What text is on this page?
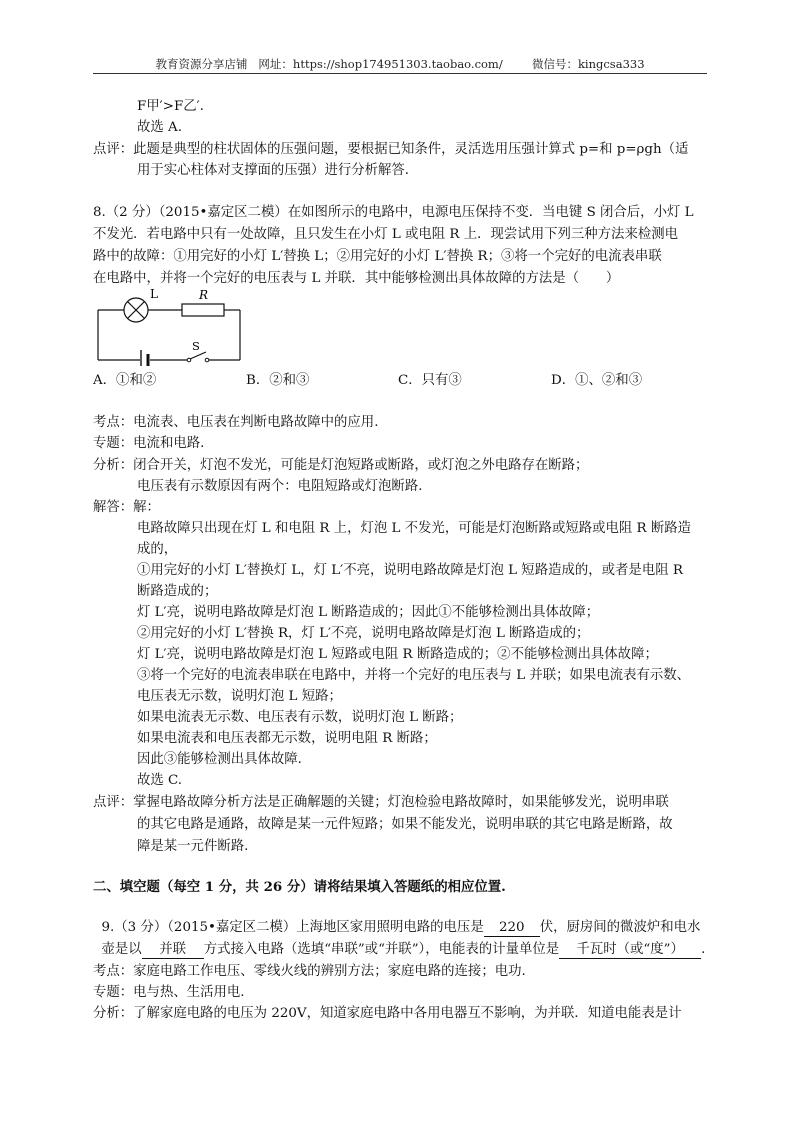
教育资源分享店铺   网址：https://shop174951303.taobao.com/        微信号：kingcsa333
F甲′>F乙′.
故选 A.
点评：此题是典型的柱状固体的压强问题，要根据已知条件，灵活选用压强计算式 p=和 p=ρgh（适
用于实心柱体对支撑面的压强）进行分析解答.
8.（2 分）（2015•嘉定区二模）在如图所示的电路中，电源电压保持不变．当电键 S 闭合后，小灯 L
不发光．若电路中只有一处故障，且只发生在小灯 L 或电阻 R 上．现尝试用下列三种方法来检测电
路中的故障：①用完好的小灯 L′替换 L；②用完好的小灯 L′替换 R；③将一个完好的电流表串联
在电路中，并将一个完好的电压表与 L 并联．其中能够检测出具体故障的方法是（　　）
L	R
S
A．①和②	B．②和③	C．只有③	D．①、②和③
考点：电流表、电压表在判断电路故障中的应用.
专题：电流和电路.
分析：闭合开关，灯泡不发光，可能是灯泡短路或断路，或灯泡之外电路存在断路；
电压表有示数原因有两个：电阻短路或灯泡断路.
解答：解：
电路故障只出现在灯 L 和电阻 R 上，灯泡 L 不发光，可能是灯泡断路或短路或电阻 R 断路造
成的，
①用完好的小灯 L′替换灯 L，灯 L′不亮，说明电路故障是灯泡 L 短路造成的，或者是电阻 R
断路造成的；
灯 L′亮，说明电路故障是灯泡 L 断路造成的；因此①不能够检测出具体故障；
②用完好的小灯 L′替换 R，灯 L′不亮，说明电路故障是灯泡 L 断路造成的；
灯 L′亮，说明电路故障是灯泡 L 短路或电阻 R 断路造成的；②不能够检测出具体故障；
③将一个完好的电流表串联在电路中，并将一个完好的电压表与 L 并联；如果电流表有示数、
电压表无示数，说明灯泡 L 短路；
如果电流表无示数、电压表有示数，说明灯泡 L 断路；
如果电流表和电压表都无示数，说明电阻 R 断路；
因此③能够检测出具体故障.
故选 C.
点评：掌握电路故障分析方法是正确解题的关键；灯泡检验电路故障时，如果能够发光，说明串联
的其它电路是通路，故障是某一元件短路；如果不能发光，说明串联的其它电路是断路，故
障是某一元件断路.
二、填空题（每空 1 分，共 26 分）请将结果填入答题纸的相应位置.

9.（3 分）（2015•嘉定区二模）上海地区家用照明电路的电压是 220 伏，厨房间的微波炉和电水

壶是以 并联 方式接入电路（选填“串联”或“并联”），电能表的计量单位是 千瓦时（或“度”） .

考点：家庭电路工作电压、零线火线的辨别方法；家庭电路的连接；电功.
专题：电与热、生活用电.
分析：了解家庭电路的电压为 220V，知道家庭电路中各用电器互不影响，为并联．知道电能表是计
